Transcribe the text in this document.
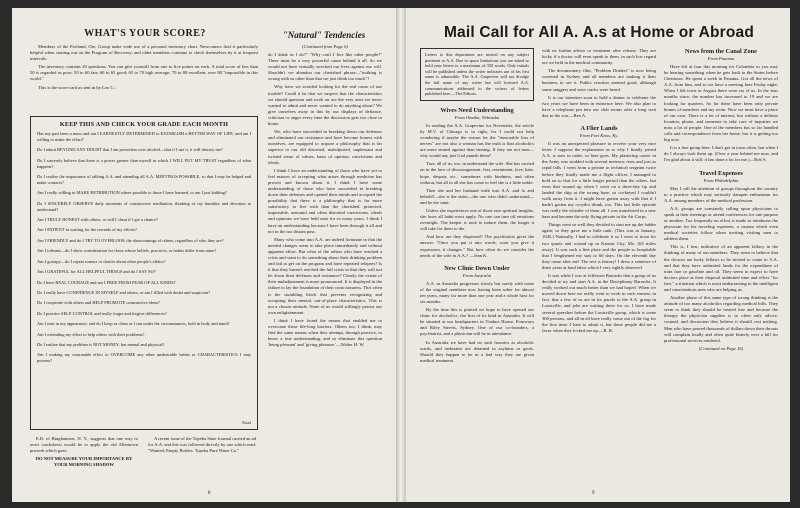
WHAT'S YOUR SCORE?

Members of the Portland, Ore, Group make wide use of a personal inventory chart. Newcomers find it particularly helpful when starting out on the Program of Recovery, and older members continue to check themselves by it at frequent intervals.

The inventory contains 20 questions. You can give yourself from one to five points on each. A total score of less than 50 is regarded as poor; 50 to 60 fair; 60 to 65 good; 65 to 70 high average; 70 to 80 excellent; over 80 "impossible in this world."

This is the score card as sent in by Leo C.:

KEEP THIS AND CHECK YOUR GRADE EACH MONTH

Has my past been a mess and am I EARNESTLY DETERMINED to ESTABLISH a BETTER WAY OF LIFE, and am I willing to make the effort?

Do I admit BEYOND ANY DOUBT that I am powerless over alcohol—that if I use it, it will destroy me?

Do I sincerely believe that there is a power greater than myself in which I WILL PUT MY TRUST regardless of what happens?

Do I realize the importance of talking A.A. and attending all A.A. MEETINGS POSSIBLE, so that I may be helped and make contacts?

Am I really willing to MAKE RETRIBUTION where possible to those I have harmed, or am I just kidding?

Do I SINCERELY OBSERVE daily moments of constructive meditation, thinking of my humility and devotion to understand?

Am I TRULY HONEST with others, or will I cheat if I get a chance?

Am I PATIENT in waiting for the rewards of my efforts?

Am I FRIENDLY and do I TRY TO OVERLOOK the shortcomings of others, regardless of who they are?

Am I tolerant—do I show consideration for those whose beliefs, practices, or habits differ from mine?

Am I gossipy—do I repeat rumors or chatter about other people's affairs?

Am I GRATEFUL for ALL HELPFUL THINGS and do I SAY SO?

Do I have REAL COURAGE and am I FREE FROM FEAR OF ALL KINDS?

Do I really have CONFIDENCE IN MYSELF and others, or am I filled with doubt and suspicion?

Do I cooperate with others and HELP PROMOTE constructive ideas?

Do I practice SELF-CONTROL and really forget and forgive differences?

Am I neat in my appearance, and do I keep as clean as I can under the circumstances, both in body and mind?

Am I extending my effort to help others with their problems?

Do I realize that my problem is NOT MONEY, but mental and physical?

Am I making my reasonable effort to OVERCOME any other undesirable habits or CHARACTERISTICS I may possess?

Total

E.B. of Binghamton, N. Y., suggests that one way to avert crackdown would be to apply the old Allentown proverb which goes:

DO NOT MEASURE YOUR IMPORTANCE BY YOUR MORNING SHADOW

A recent issue of the Topeka State Journal carried an ad for A.A. and this was followed directly by one which read: "Wanted, Empty Bottles. Topeka Pure Water Co."

"Natural" Tendencies

(Continued from Page 6)

do I drink as I do?" "Why can't I live like other people?" There must be a very powerful cause behind it all. So we would not have virtually wrecked our lives against our will. Shouldn't we abandon our cherished phrase—"nothing is wrong with us other than that we just drink too much"?

Why have we avoided looking for the real cause of our trouble? Could it be that we suspect that the characteristics we should question and work on are the very ones we never wanted to admit and never wanted to do anything about? We give ourselves away in this by our displays of defiance, criticism or anger every time the discussion gets too close to home.

We, who have succeeded in breaking down our defenses and eliminated our resistance and have become honest with ourselves, are equipped to acquire a philosophy that is far superior to our old distorted, maladjusted, unpleasant and twisted sense of values, basis of opinion, convictions and ideals.

I think I have an understanding of those who have yet to feel masses of accepting what arises through medicine has proven and known about it. I think I have some understanding of those who have succeeded in breaking down their defenses and opened their minds and accepted the possibility that there is a philosophy that is far more satisfactory to live with than the cherished, protected, impossible, unsound and often distorted convictions, ideals and opinions we have held onto for so many years. I think I have an understanding because I have been through it all and not in the too distant past.

Many who come into A.A. are indeed fortunate in that the needed changes seem to take place immediately and without apparent effort. But what of the others who have reached a crisis and want to do something about their drinking problem and fail to get on the program and have repeated relapses? Is it that they haven't reached the full crisis in that they will not let down their defenses and resistance? Clearly the extent of their maladjustment is more pronounced. It is displayed in the failure to lay the foundation of their consciousness. This often is the stumbling block that prevents recognizing and accepting their mental, out-of-place characteristics. This is not a chosen attitude. None of us would willingly persist our own enlightenment.

I think I have found the means that enabled me to overcome these life-long barriers. Others too, I think, may find the same means when they attempt, through practice, to know a true understanding, and so eliminate this question 'being pleasant' and 'giving pleasure.'—Walter H. W.

8
Mail Call for All A. A.s at Home or Abroad

Letters to this department are invited on any subject pertinent to A.A. Due to space limitations you are asked to hold your letters to a maximum of 350 words. Only initials will be published unless the writer indicates use of his first name is admissible. The A.A. Grapevine will not divulge the full name of any writer but will forward A.A. communications addressed to the writers of letters published here.—The Editors.

Wives Need Understanding

From Omaha, Nebraska

In reading the A.A. Grapevine for November, the article by M.V. of Chicago is so right, for I could not help wondering if maybe the reason for the "inexorable loss of nerves" are not also a woman has the truth is that alcoholics are more sinned against than sinning. If they are not men—why would any just God punish them?

True, all of us, too, in understand the wife. She has carried on in the face of discouragement, fear, resentment, love, hate, hope, despair, etc., sometimes with kindness, and often without, but all in all she has come to feel she is a little noble.

Then she and her husband walk into A.A. and lo and behold!—she is the sister—the one who didn't understand—and he the saint.

Unless she experiences one of those rare spiritual insights, she loses all habit most apply. No one can turn off emotions overnight. The keeper is took to induce them, the longer it will take for them to die.

And how are they dispersed? The psychiatrist gives the answer. "Once you put it into words, soon you give it expression, it changes." But how often do we consider the needs of the wife in A.A.? —Jean K.

New Clinic Down Under

From Australia

A.A. in Australia progresses slowly but surely with some of the original members now having been sober for almost ten years, many for more than one year and a whole host for six months.

By the time this is printed we hope to have opened our clinic for alcoholics, the first of its kind in Australia. It will be situated at our headquarters in Viaduct House, Fourways and Riley Streets, Sydney. One of our co-founders, a psychiatrist, and a physician will be in attendance.

In Australia we have had no such luxuries as alcoholic wards, and inebriates are detained in asylums or gaols. Should they happen to be in a bad way they are given medical treatment

with no further advice or treatment after release. They are lucky if a doctor will even speak to them, in such low regard are we held in the medical community.

The documentary film, "Problem Drinker" is now being screened in Sydney and all members are making it their business to see it. Public reaction seemed good, although some sniggers and wise cracks were heard.

It is our intention soon to hold a dinner to celebrate the two years we have been in existence here. We also plan to have a telephone put into our club rooms after a long wait due to the war.—Rex A.

A Flier Lands

From Fort Knox, Ky.

It was an unexpected pleasure to receive your very nice letter. I suppose the explanation as to why I finally joined A.A. is now in order, so here goes. My plastering career in the Army was studded with several meteoric rises and just as rapid falls. I went from a private to technical sergeant twice before they finally made me a flight officer. I managed to hold on to that for a little longer period than the others, but even that wound up when I went on a three-day tip and landed the ship at the wrong base, so cockeyed I couldn't walk away from it. I might have gotten away with that if I hadn't gotten my co-pilot drunk, too. This last little episode was really the whistler of them all. I was transferred in a new base and became the only flying private in the Air Corps.

Things went so well they decided to start me up the ladder again; so they gave me a little rank. (This was in January, 1945.) Naturally, I had to celebrate it so I went to town for two quarts and wound up in Kansas City, Mo. (65 miles away). It was such a fine place and the people so hospitable that I lengthened my stay to 60 days. On the eleventh day they came after me! The rest is history! I drew a sentence of three years at hard labor which I very rightly deserved.

It was while I was at Jefferson Barracks that a group of us decided to try and start A.A. in the Disciplinary Barracks. It really worked out much better than we had hoped. When we moved down here we really went to work in such earnest, in fact, that a few of us are in for parole to the A.A. group in Louisville, and jobs are waiting there for us. I have made several speeches before the Louisville group, which is some 300 persons, and all in all have really come out of the fog for the first time. I hate to admit it, but these people did me a favor when they locked me up.—R. R.

News from the Canal Zone

From Panama

Have left at four this morning for Colombia so you may be hearing something when he gets back to the States before Christmas. He spent a week in Panama. Got all the news of A.A. from him, and so we have a meeting here Friday night. When I left town in August there were six of us. In the four months since, the number has increased to 19 and we are looking for quarters. So far these have been only private homes of members and my room. Now we must have a place of our own. There is a lot of interest, but without a definite location, phone, and someone to take care of inquiries we miss a lot of people. One of the members has so far handled calls and correspondence from her home, but it is getting too big now.

It is a fine group here. I don't get in town often, but when I do I always look them up. (Over a year behind me now, and I'm glad about it still; it has done a lot for me.)—Bob S.

Travel Expenses

From Philadelphia

May I call the attention of groups throughout the country to a practice which may seriously dampen enthusiasm for A.A. among members of the medical profession.

A.A. groups are constantly calling upon physicians to speak at their meetings or attend conferences for one purpose or another. Too frequently no effort is made to reimburse the physician for his traveling expenses, a custom which even medical societies follow when inviting visiting men to address them.

This is, I fear, indicative of an apparent fallacy in the thinking of many of our members. They seem to believe that the doctors are lucky fellows to be invited to come to A.A. and that they have unlimited funds for the expenditure of train fare or gasoline and oil. They seem to expect to have doctors place at their disposal unlimited time and effort "for free," a situation which is most embarrassing to the intelligent and conscientious men who are helping us.

Another phase of this same type of wrong thinking is the attitude of too many alcoholics regarding medical bills. They seem to think they should be treated free and because the therapy the physician supplies is so often only advice, counsel, and discussion they believe it should cost nothing. Men who have poured thousands of dollars down their throats will complain loudly and often quite bitterly over a bill for professional services rendered.

(Continued on Page 16)

9
